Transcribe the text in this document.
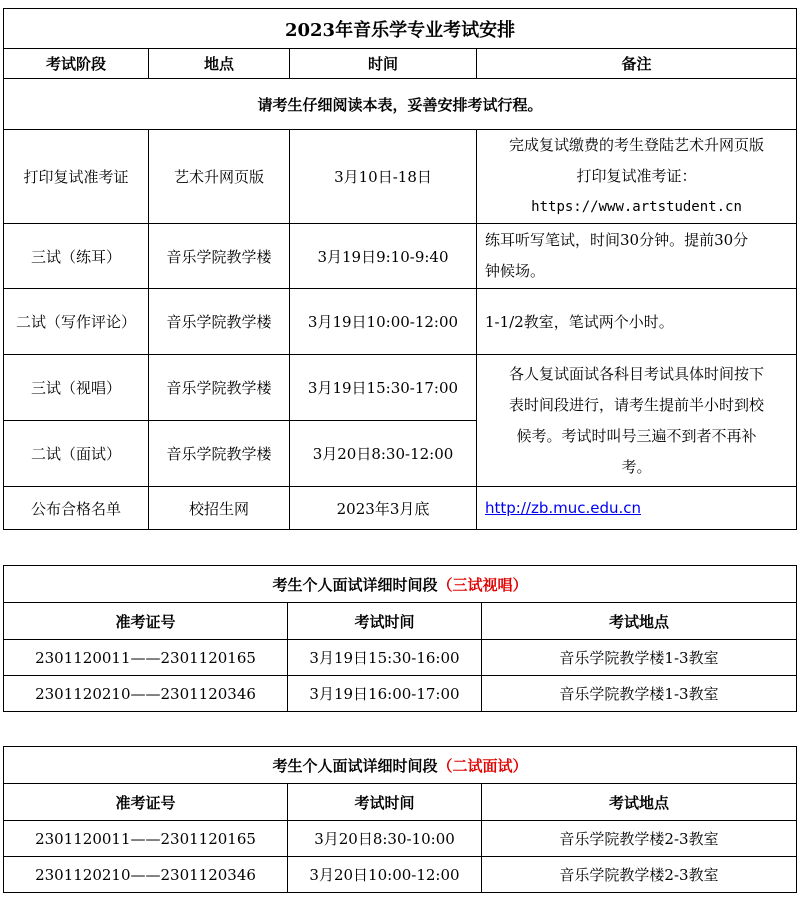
2023年音乐学专业考试安排			
考试阶段	地点	时间	备注
请考生仔细阅读本表，妥善安排考试行程。			
打印复试准考证	艺术升网页版	3月10日-18日	完成复试缴费的考生登陆艺术升网页版
打印复试准考证：
https://www.artstudent.cn

三试（练耳）	音乐学院教学楼	3月19日9:10-9:40	练耳听写笔试，时间30分钟。提前30分
钟候场。

二试（写作评论）	音乐学院教学楼	3月19日10:00-12:00	1-1/2教室，笔试两个小时。
三试（视唱）	音乐学院教学楼	3月19日15:30-17:00	各人复试面试各科目考试具体时间按下
表时间段进行，请考生提前半小时到校
候考。考试时叫号三遍不到者不再补
考。

二试（面试）	音乐学院教学楼	3月20日8:30-12:00	
公布合格名单	校招生网	2023年3月底	http://zb.muc.edu.cn
考生个人面试详细时间段（三试视唱）		
准考证号	考试时间	考试地点
2301120011——2301120165	3月19日15:30-16:00	音乐学院教学楼1-3教室
2301120210——2301120346	3月19日16:00-17:00	音乐学院教学楼1-3教室
考生个人面试详细时间段（二试面试）		
准考证号	考试时间	考试地点
2301120011——2301120165	3月20日8:30-10:00	音乐学院教学楼2-3教室
2301120210——2301120346	3月20日10:00-12:00	音乐学院教学楼2-3教室
